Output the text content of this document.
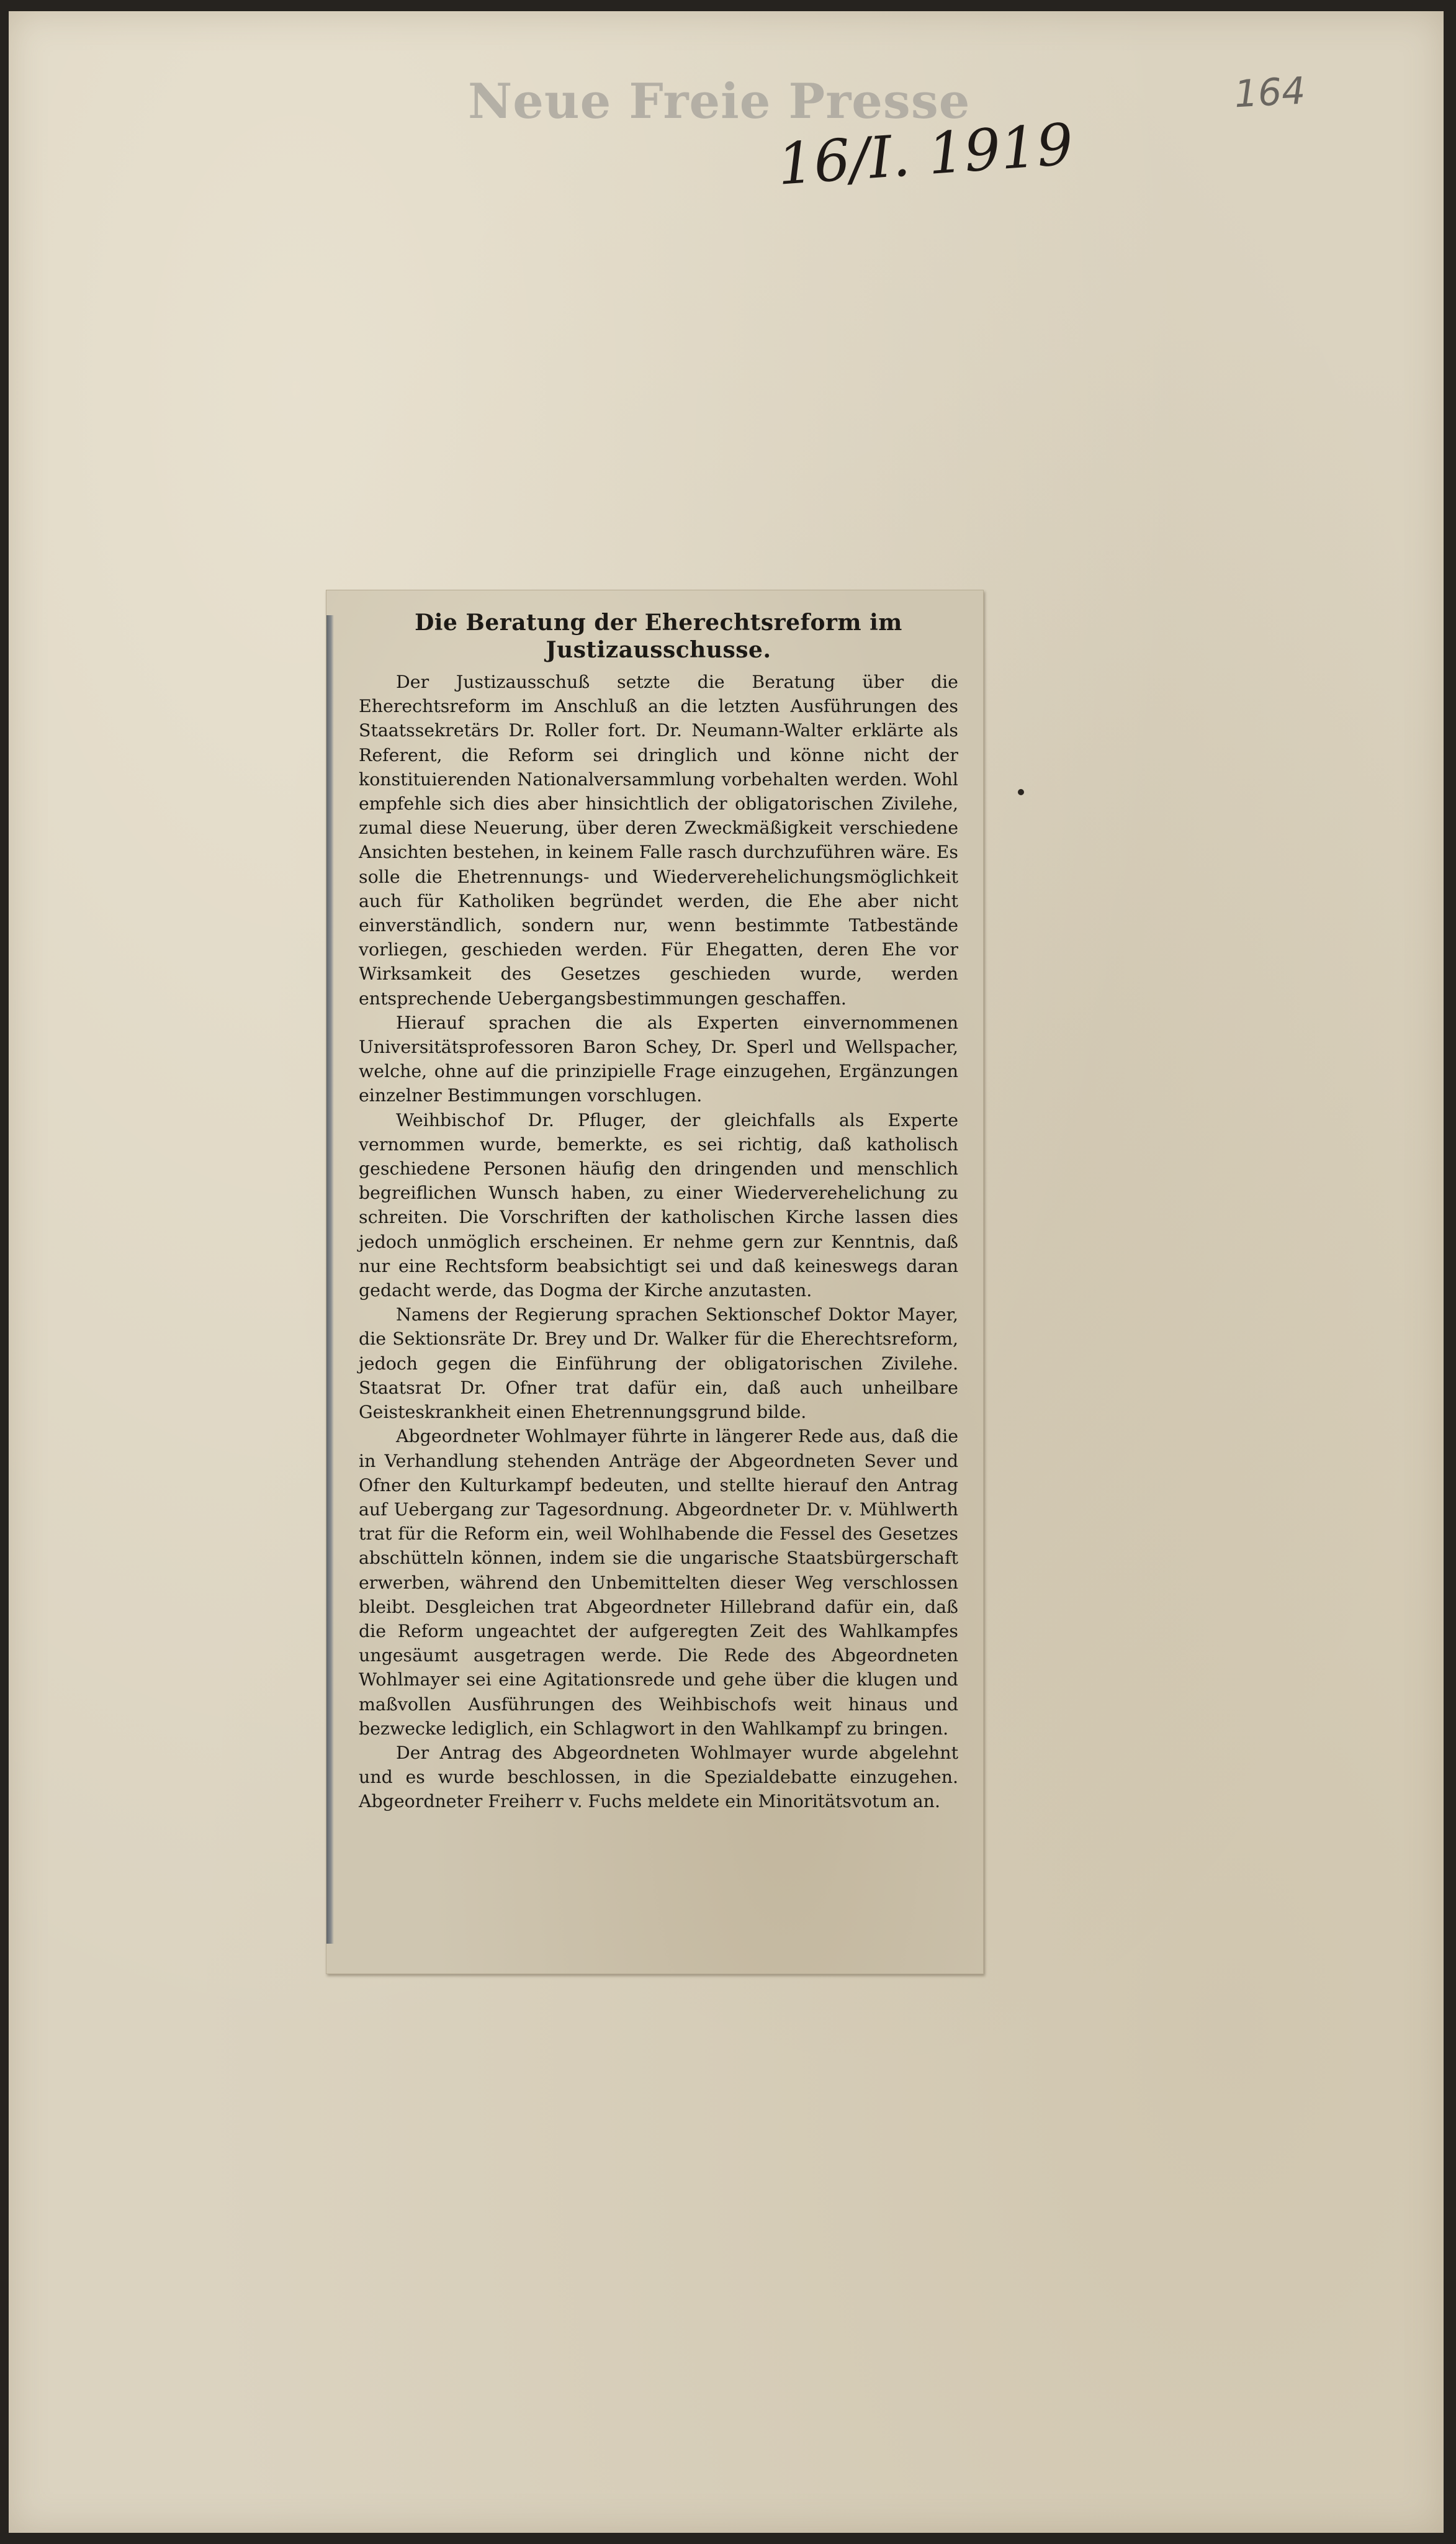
Neue Freie Presse
16/I. 1919
164
Die Beratung der Eherechtsreform im Justizausschusse.

Der Justizausschuß setzte die Beratung über die Eherechtsreform im Anschluß an die letzten Ausführungen des Staatssekretärs Dr. Roller fort. Dr. Neumann-Walter erklärte als Referent, die Reform sei dringlich und könne nicht der konstituierenden Nationalversammlung vorbehalten werden. Wohl empfehle sich dies aber hinsichtlich der obligatorischen Zivilehe, zumal diese Neuerung, über deren Zweckmäßigkeit verschiedene Ansichten bestehen, in keinem Falle rasch durchzuführen wäre. Es solle die Ehetrennungs- und Wiederverehelichungsmöglichkeit auch für Katholiken begründet werden, die Ehe aber nicht einverständlich, sondern nur, wenn bestimmte Tatbestände vorliegen, geschieden werden. Für Ehegatten, deren Ehe vor Wirksamkeit des Gesetzes geschieden wurde, werden entsprechende Uebergangsbestimmungen geschaffen.

Hierauf sprachen die als Experten einvernommenen Universitätsprofessoren Baron Schey, Dr. Sperl und Wellspacher, welche, ohne auf die prinzipielle Frage einzugehen, Ergänzungen einzelner Bestimmungen vorschlugen.

Weihbischof Dr. Pfluger, der gleichfalls als Experte vernommen wurde, bemerkte, es sei richtig, daß katholisch geschiedene Personen häufig den dringenden und menschlich begreiflichen Wunsch haben, zu einer Wiederverehelichung zu schreiten. Die Vorschriften der katholischen Kirche lassen dies jedoch unmöglich erscheinen. Er nehme gern zur Kenntnis, daß nur eine Rechtsform beabsichtigt sei und daß keineswegs daran gedacht werde, das Dogma der Kirche anzutasten.

Namens der Regierung sprachen Sektionschef Doktor Mayer, die Sektionsräte Dr. Brey und Dr. Walker für die Eherechtsreform, jedoch gegen die Einführung der obligatorischen Zivilehe. Staatsrat Dr. Ofner trat dafür ein, daß auch unheilbare Geisteskrankheit einen Ehetrennungsgrund bilde.

Abgeordneter Wohlmayer führte in längerer Rede aus, daß die in Verhandlung stehenden Anträge der Abgeordneten Sever und Ofner den Kulturkampf bedeuten, und stellte hierauf den Antrag auf Uebergang zur Tagesordnung. Abgeordneter Dr. v. Mühlwerth trat für die Reform ein, weil Wohlhabende die Fessel des Gesetzes abschütteln können, indem sie die ungarische Staatsbürgerschaft erwerben, während den Unbemittelten dieser Weg verschlossen bleibt. Desgleichen trat Abgeordneter Hillebrand dafür ein, daß die Reform ungeachtet der aufgeregten Zeit des Wahlkampfes ungesäumt ausgetragen werde. Die Rede des Abgeordneten Wohlmayer sei eine Agitationsrede und gehe über die klugen und maßvollen Ausführungen des Weihbischofs weit hinaus und bezwecke lediglich, ein Schlagwort in den Wahlkampf zu bringen.

Der Antrag des Abgeordneten Wohlmayer wurde abgelehnt und es wurde beschlossen, in die Spezialdebatte einzugehen. Abgeordneter Freiherr v. Fuchs meldete ein Minoritätsvotum an.
